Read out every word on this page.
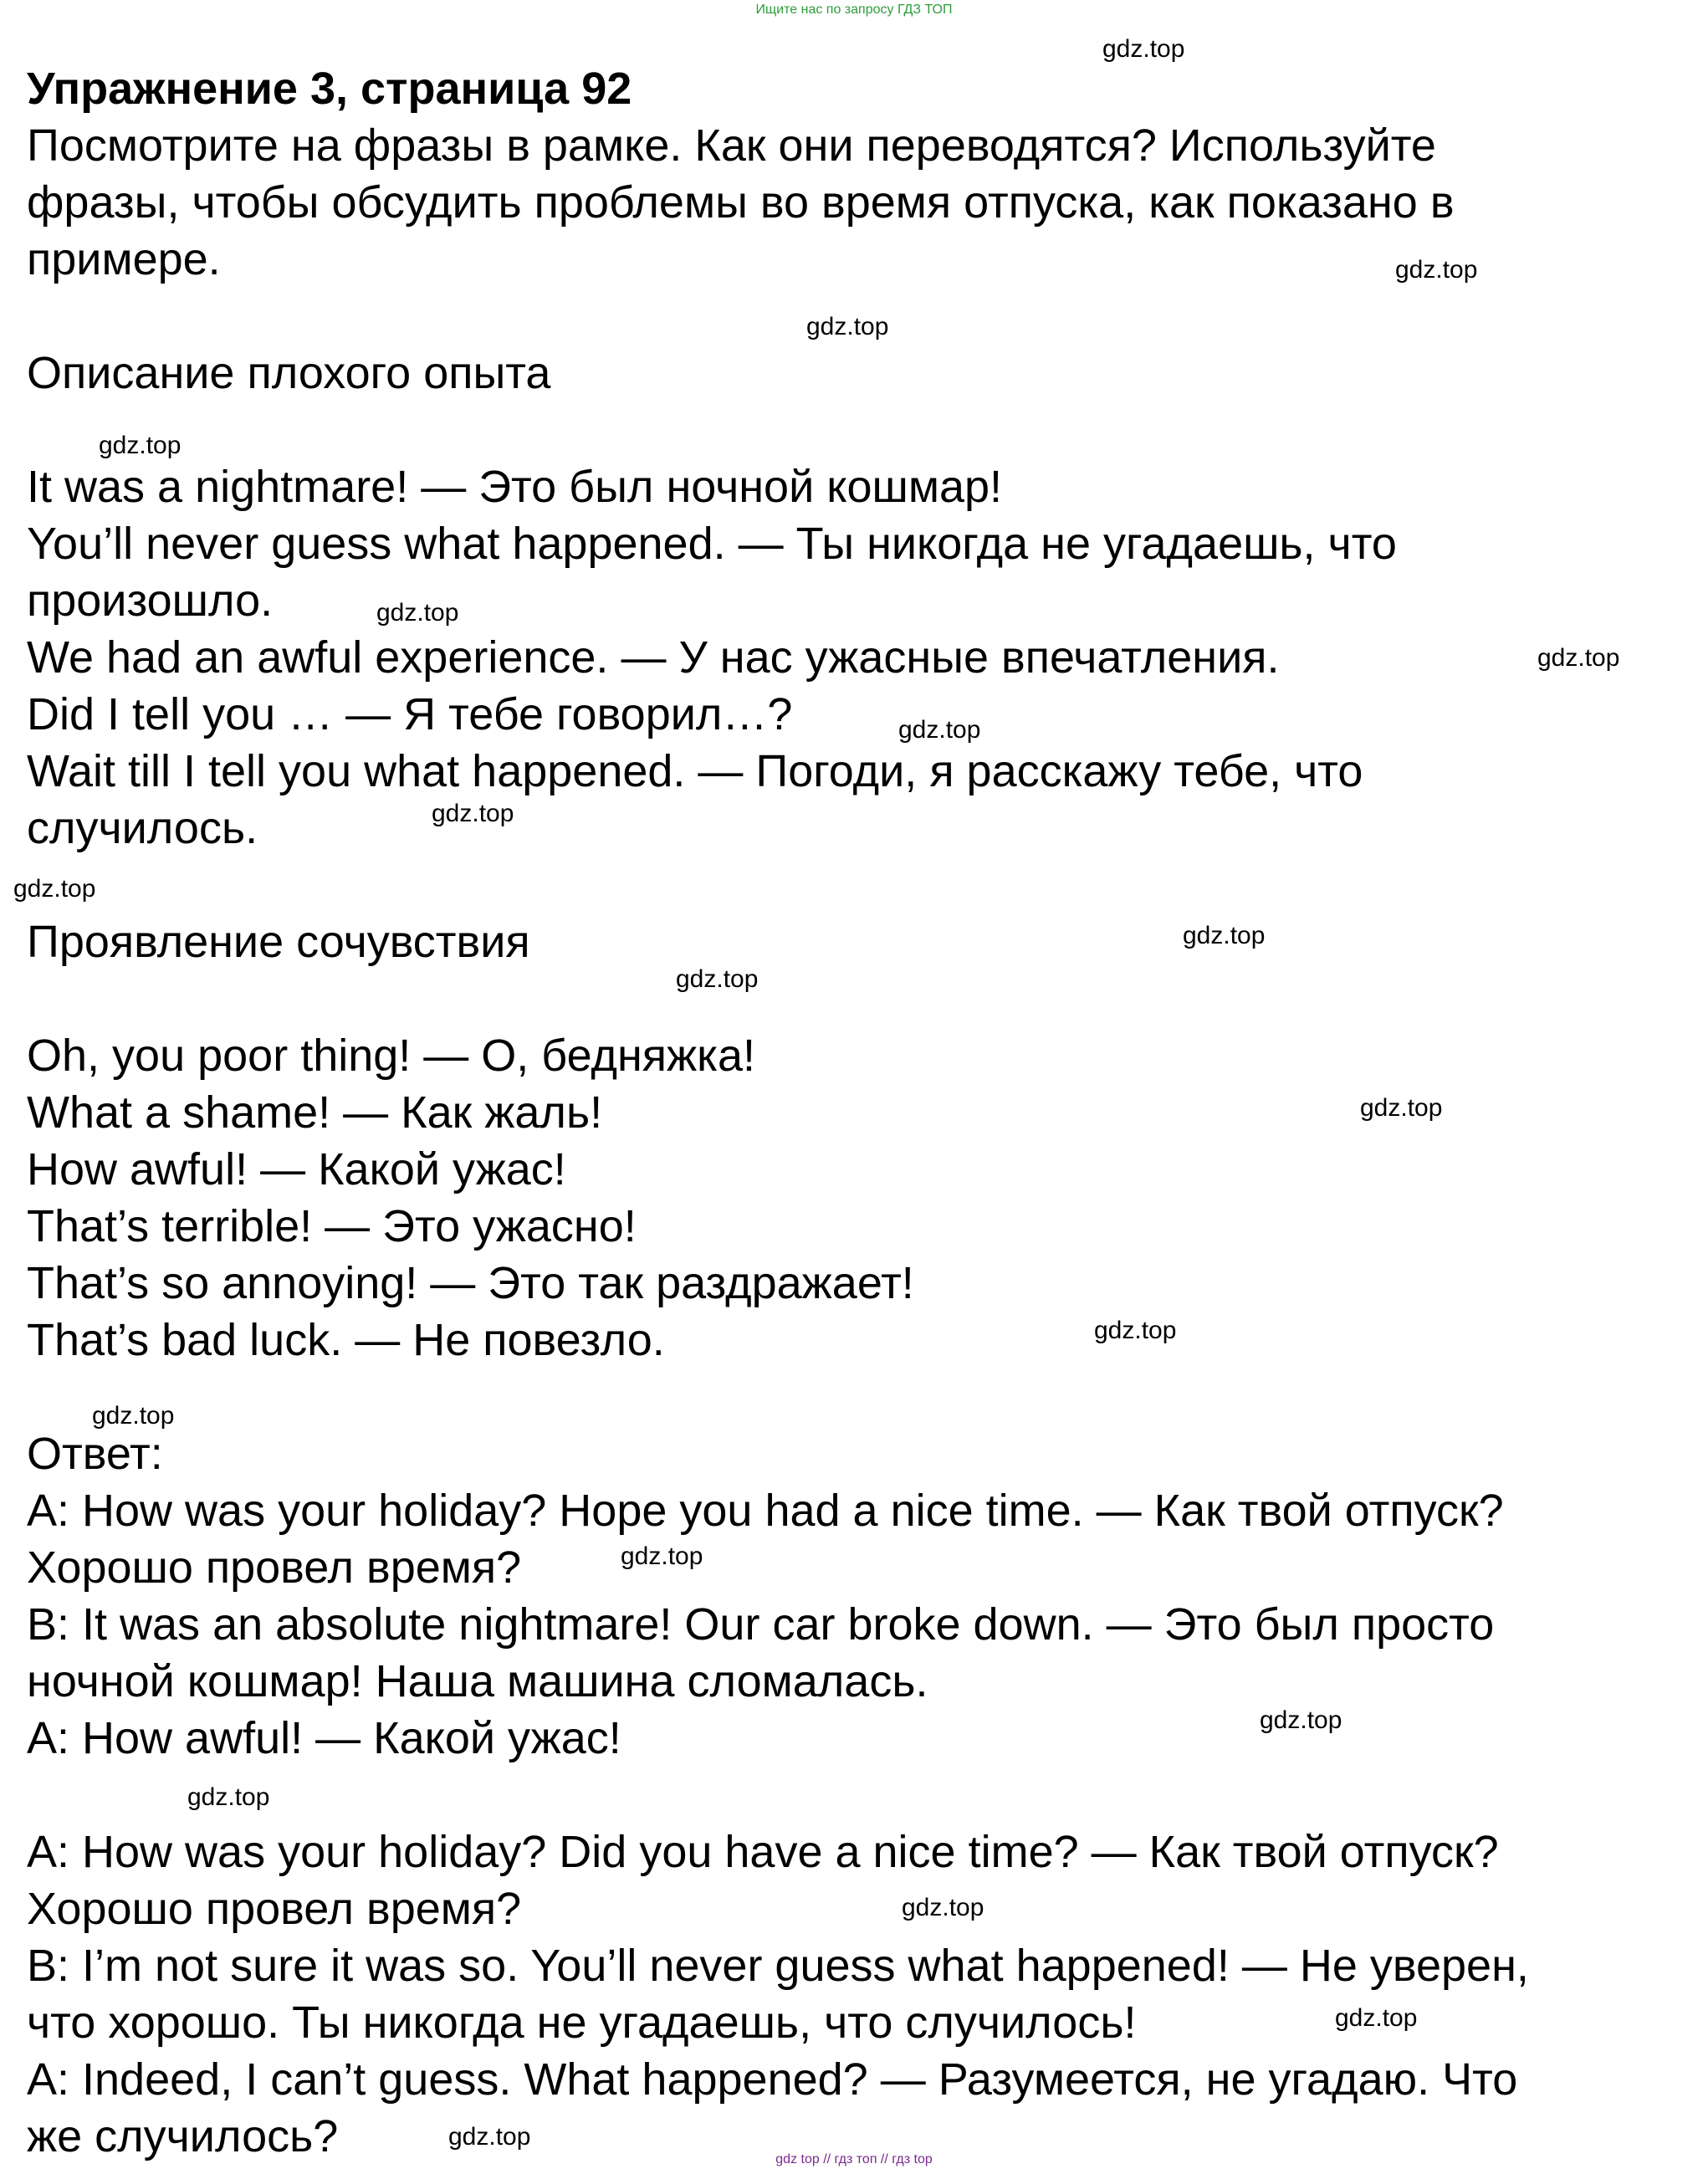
Ищите нас по запросу ГДЗ ТОП
Упражнение 3, страница 92
Посмотрите на фразы в рамке. Как они переводятся? Используйте
фразы, чтобы обсудить проблемы во время отпуска, как показано в
примере.
Описание плохого опыта
It was a nightmare! — Это был ночной кошмар!
You’ll never guess what happened. — Ты никогда не угадаешь, что
произошло.
We had an awful experience. — У нас ужасные впечатления.
Did I tell you … — Я тебе говорил…?
Wait till I tell you what happened. — Погоди, я расскажу тебе, что
случилось.
Проявление сочувствия
Oh, you poor thing! — О, бедняжка!
What a shame! — Как жаль!
How awful! — Какой ужас!
That’s terrible! — Это ужасно!
That’s so annoying! — Это так раздражает!
That’s bad luck. — Не повезло.
Ответ:
A: How was your holiday? Hope you had a nice time. — Как твой отпуск?
Хорошо провел время?
B: It was an absolute nightmare! Our car broke down. — Это был просто
ночной кошмар! Наша машина сломалась.
A: How awful! — Какой ужас!
A: How was your holiday? Did you have a nice time? — Как твой отпуск?
Хорошо провел время?
B: I’m not sure it was so. You’ll never guess what happened! — Не уверен,
что хорошо. Ты никогда не угадаешь, что случилось!
A: Indeed, I can’t guess. What happened? — Разумеется, не угадаю. Что
же случилось?
gdz.top
gdz.top
gdz.top
gdz.top
gdz.top
gdz.top
gdz.top
gdz.top
gdz.top
gdz.top
gdz.top
gdz.top
gdz.top
gdz.top
gdz.top
gdz.top
gdz.top
gdz.top
gdz.top
gdz.top
gdz top // гдз топ // гдз top
